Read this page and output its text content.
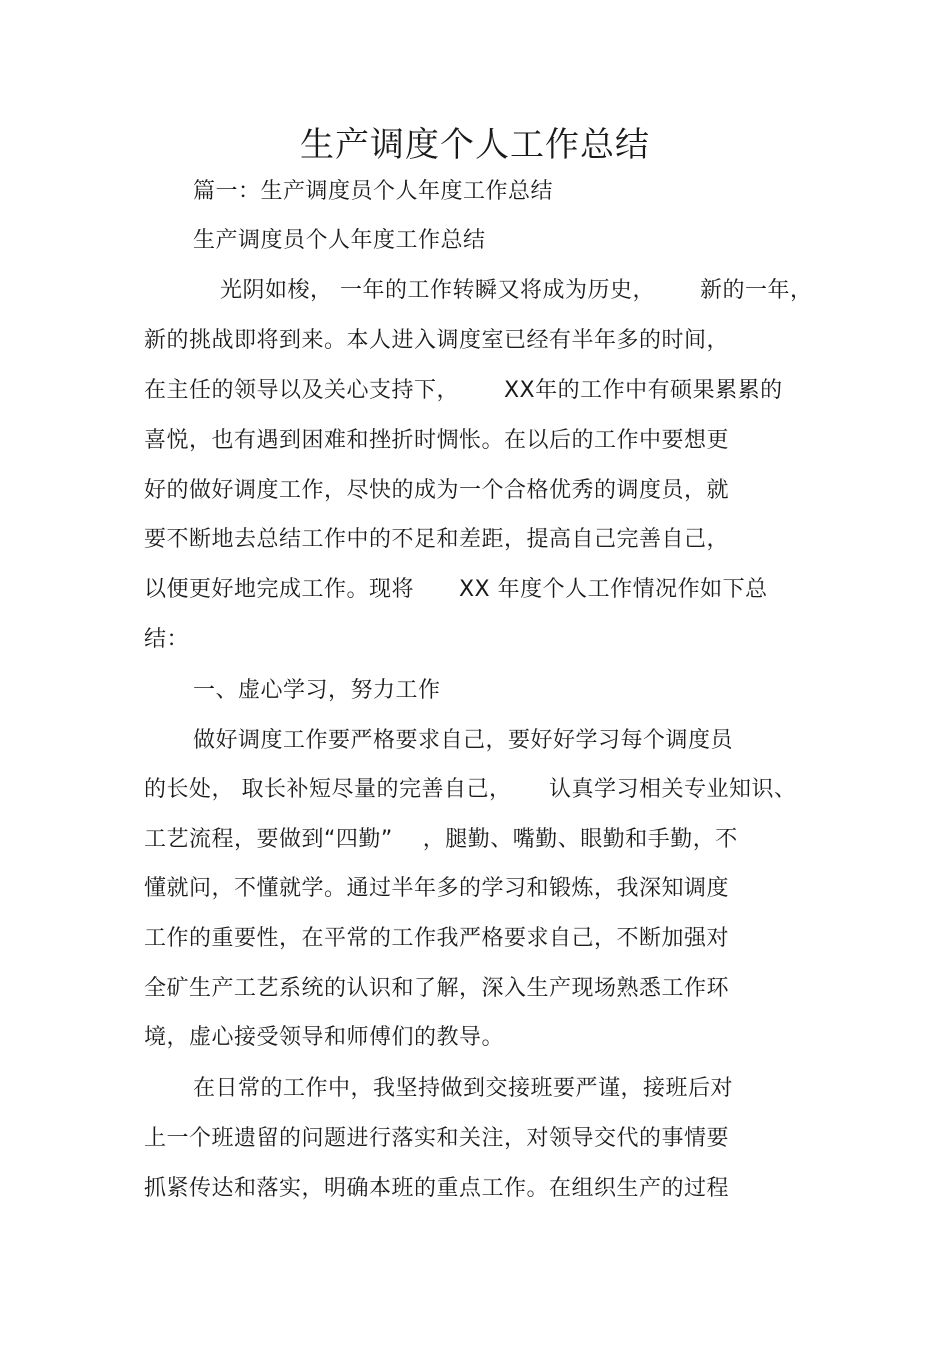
生产调度个人工作总结
篇一：生产调度员个人年度工作总结
生产调度员个人年度工作总结
光阴如梭， 一年的工作转瞬又将成为历史，      新的一年，
新的挑战即将到来。本人进入调度室已经有半年多的时间，
在主任的领导以及关心支持下，      XX年的工作中有硕果累累的
喜悦，也有遇到困难和挫折时惆怅。在以后的工作中要想更
好的做好调度工作，尽快的成为一个合格优秀的调度员，就
要不断地去总结工作中的不足和差距，提高自己完善自己，
以便更好地完成工作。现将      XX 年度个人工作情况作如下总
结：
一、虚心学习，努力工作
做好调度工作要严格要求自己，要好好学习每个调度员
的长处， 取长补短尽量的完善自己，     认真学习相关专业知识、
工艺流程，要做到“四勤”    ，腿勤、嘴勤、眼勤和手勤，不
懂就问，不懂就学。通过半年多的学习和锻炼，我深知调度
工作的重要性，在平常的工作我严格要求自己，不断加强对
全矿生产工艺系统的认识和了解，深入生产现场熟悉工作环
境，虚心接受领导和师傅们的教导。
在日常的工作中，我坚持做到交接班要严谨，接班后对
上一个班遗留的问题进行落实和关注，对领导交代的事情要
抓紧传达和落实，明确本班的重点工作。在组织生产的过程
